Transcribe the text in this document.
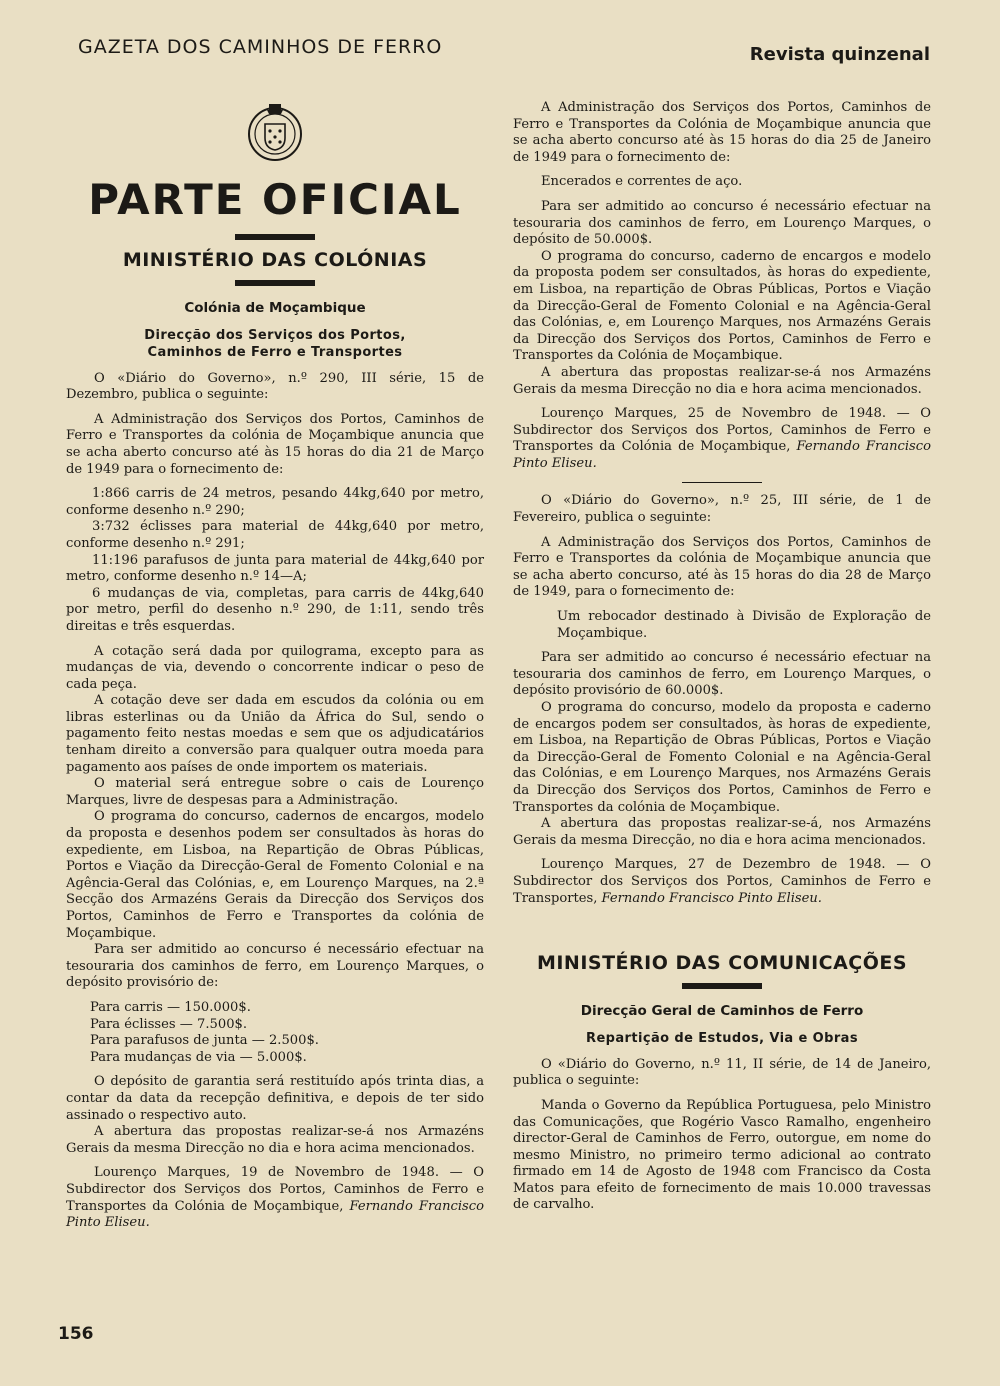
GAZETA DOS CAMINHOS DE FERRO	Revista quinzenal
PARTE OFICIAL
MINISTÉRIO DAS COLÓNIAS
Colónia de Moçambique
Direcção dos Serviços dos Portos,
Caminhos de Ferro e Transportes

O «Diário do Governo», n.º 290, III série, 15 de Dezembro, publica o seguinte:

A Administração dos Serviços dos Portos, Caminhos de Ferro e Transportes da colónia de Moçambique anuncia que se acha aberto concurso até às 15 horas do dia 21 de Março de 1949 para o fornecimento de:

1:866 carris de 24 metros, pesando 44kg,640 por metro, conforme desenho n.º 290;

3:732 éclisses para material de 44kg,640 por metro, conforme desenho n.º 291;

11:196 parafusos de junta para material de 44kg,640 por metro, conforme desenho n.º 14—A;

6 mudanças de via, completas, para carris de 44kg,640 por metro, perfil do desenho n.º 290, de 1:11, sendo três direitas e três esquerdas.

A cotação será dada por quilograma, excepto para as mudanças de via, devendo o concorrente indicar o peso de cada peça.

A cotação deve ser dada em escudos da colónia ou em libras esterlinas ou da União da África do Sul, sendo o pagamento feito nestas moedas e sem que os adjudicatários tenham direito a conversão para qualquer outra moeda para pagamento aos países de onde importem os materiais.

O material será entregue sobre o cais de Lourenço Marques, livre de despesas para a Administração.

O programa do concurso, cadernos de encargos, modelo da proposta e desenhos podem ser consultados às horas do expediente, em Lisboa, na Repartição de Obras Públicas, Portos e Viação da Direcção-Geral de Fomento Colonial e na Agência-Geral das Colónias, e, em Lourenço Marques, na 2.ª Secção dos Armazéns Gerais da Direcção dos Serviços dos Portos, Caminhos de Ferro e Transportes da colónia de Moçambique.

Para ser admitido ao concurso é necessário efectuar na tesouraria dos caminhos de ferro, em Lourenço Marques, o depósito provisório de:

Para carris — 150.000$.

Para éclisses — 7.500$.

Para parafusos de junta — 2.500$.

Para mudanças de via — 5.000$.

O depósito de garantia será restituído após trinta dias, a contar da data da recepção definitiva, e depois de ter sido assinado o respectivo auto.

A abertura das propostas realizar-se-á nos Armazéns Gerais da mesma Direcção no dia e hora acima mencionados.

Lourenço Marques, 19 de Novembro de 1948. — O Subdirector dos Serviços dos Portos, Caminhos de Ferro e Transportes da Colónia de Moçambique, Fernando Francisco Pinto Eliseu.

A Administração dos Serviços dos Portos, Caminhos de Ferro e Transportes da Colónia de Moçambique anuncia que se acha aberto concurso até às 15 horas do dia 25 de Janeiro de 1949 para o fornecimento de:

Encerados e correntes de aço.

Para ser admitido ao concurso é necessário efectuar na tesouraria dos caminhos de ferro, em Lourenço Marques, o depósito de 50.000$.

O programa do concurso, caderno de encargos e modelo da proposta podem ser consultados, às horas do expediente, em Lisboa, na repartição de Obras Públicas, Portos e Viação da Direcção-Geral de Fomento Colonial e na Agência-Geral das Colónias, e, em Lourenço Marques, nos Armazéns Gerais da Direcção dos Serviços dos Portos, Caminhos de Ferro e Transportes da Colónia de Moçambique.

A abertura das propostas realizar-se-á nos Armazéns Gerais da mesma Direcção no dia e hora acima mencionados.

Lourenço Marques, 25 de Novembro de 1948. — O Subdirector dos Serviços dos Portos, Caminhos de Ferro e Transportes da Colónia de Moçambique, Fernando Francisco Pinto Eliseu.

O «Diário do Governo», n.º 25, III série, de 1 de Fevereiro, publica o seguinte:

A Administração dos Serviços dos Portos, Caminhos de Ferro e Transportes da colónia de Moçambique anuncia que se acha aberto concurso, até às 15 horas do dia 28 de Março de 1949, para o fornecimento de:

Um rebocador destinado à Divisão de Exploração de Moçambique.

Para ser admitido ao concurso é necessário efectuar na tesouraria dos caminhos de ferro, em Lourenço Marques, o depósito provisório de 60.000$.

O programa do concurso, modelo da proposta e caderno de encargos podem ser consultados, às horas de expediente, em Lisboa, na Repartição de Obras Públicas, Portos e Viação da Direcção-Geral de Fomento Colonial e na Agência-Geral das Colónias, e em Lourenço Marques, nos Armazéns Gerais da Direcção dos Serviços dos Portos, Caminhos de Ferro e Transportes da colónia de Moçambique.

A abertura das propostas realizar-se-á, nos Armazéns Gerais da mesma Direcção, no dia e hora acima mencionados.

Lourenço Marques, 27 de Dezembro de 1948. — O Subdirector dos Serviços dos Portos, Caminhos de Ferro e Transportes, Fernando Francisco Pinto Eliseu.

MINISTÉRIO DAS COMUNICAÇÕES
Direcção Geral de Caminhos de Ferro
Repartição de Estudos, Via e Obras

O «Diário do Governo, n.º 11, II série, de 14 de Janeiro, publica o seguinte:

Manda o Governo da República Portuguesa, pelo Ministro das Comunicações, que Rogério Vasco Ramalho, engenheiro director-Geral de Caminhos de Ferro, outorgue, em nome do mesmo Ministro, no primeiro termo adicional ao contrato firmado em 14 de Agosto de 1948 com Francisco da Costa Matos para efeito de fornecimento de mais 10.000 travessas de carvalho.

156
